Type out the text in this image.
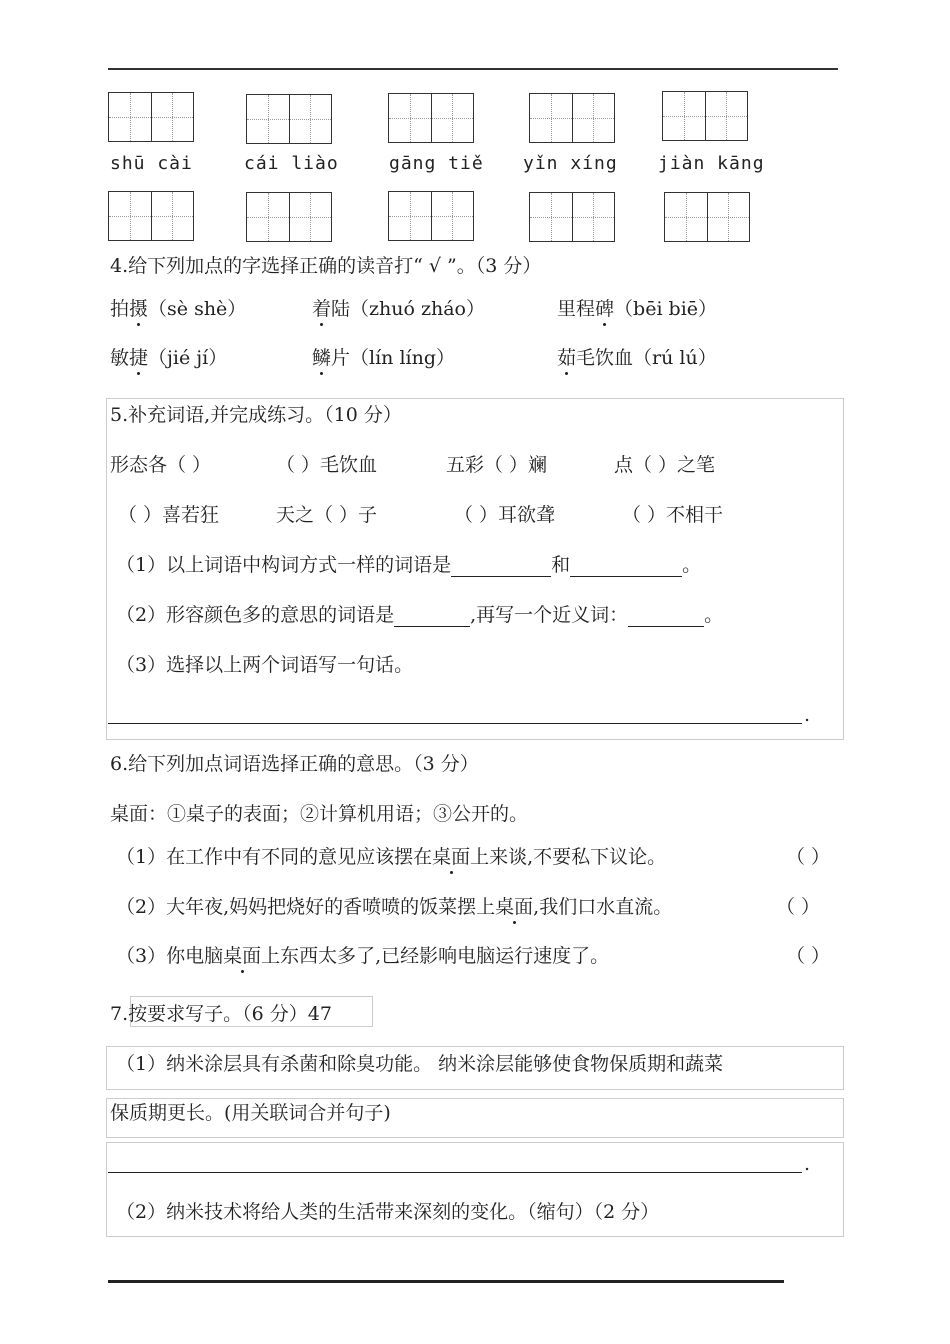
shū cài	cái liào	gāng tiě yǐn xíng jiàn kāng
4.给下列加点的字选择正确的读音打“ √ ”。（3 分）
拍摄（sè shè）	着陆（zhuó zháo）	里程碑（bēi biē）
敏捷（jié jí）	鳞片（lín líng）	茹毛饮血（rú lú）
5.补充词语,并完成练习。（10 分）
形态各（ ）	（ ）毛饮血	五彩（ ）斓	点（ ）之笔
（ ）喜若狂	天之（ ）子	（ ）耳欲聋	（ ）不相干
（1）以上词语中构词方式一样的词语是	和	。
（2）形容颜色多的意思的词语是	,再写一个近义词：	。
（3）选择以上两个词语写一句话。
.
6.给下列加点词语选择正确的意思。（3 分）
桌面：①桌子的表面；②计算机用语；③公开的。
（1）在工作中有不同的意见应该摆在桌面上来谈,不要私下议论。	（ ）
（2）大年夜,妈妈把烧好的香喷喷的饭菜摆上桌面,我们口水直流。	（ ）
（3）你电脑桌面上东西太多了,已经影响电脑运行速度了。	（ ）
7.按要求写子。（6 分）47
（1）纳米涂层具有杀菌和除臭功能。 纳米涂层能够使食物保质期和蔬菜
保质期更长。(用关联词合并句子)
.
（2）纳米技术将给人类的生活带来深刻的变化。（缩句）（2 分）
